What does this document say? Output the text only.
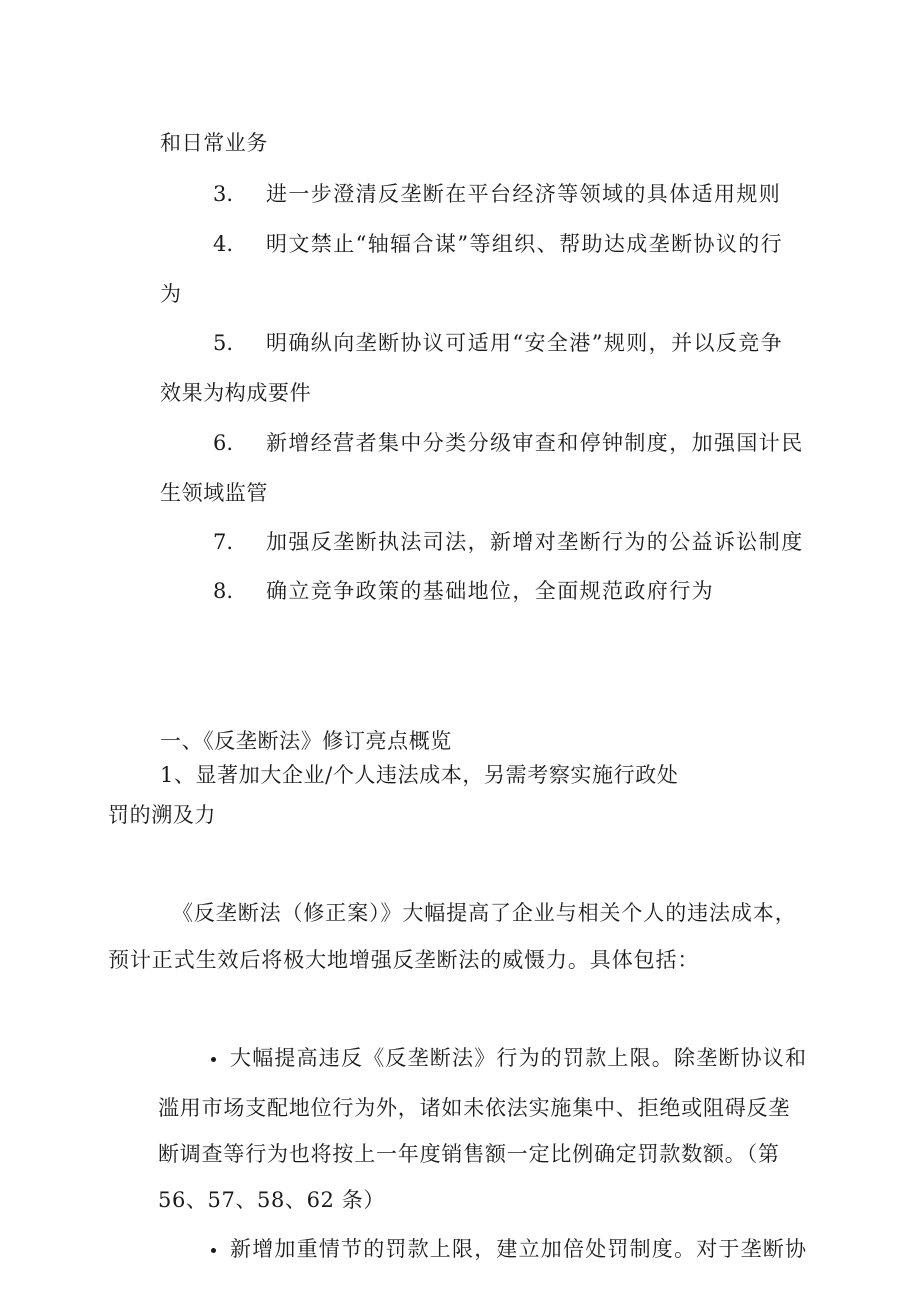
和日常业务
3. 进一步澄清反垄断在平台经济等领域的具体适用规则
4. 明文禁止“轴辐合谋”等组织、帮助达成垄断协议的行
为
5. 明确纵向垄断协议可适用“安全港”规则，并以反竞争
效果为构成要件
6. 新增经营者集中分类分级审查和停钟制度，加强国计民
生领域监管
7. 加强反垄断执法司法，新增对垄断行为的公益诉讼制度
8. 确立竞争政策的基础地位，全面规范政府行为
一、《反垄断法》修订亮点概览
1、显著加大企业/个人违法成本，另需考察实施行政处
罚的溯及力
《反垄断法（修正案）》大幅提高了企业与相关个人的违法成本，
预计正式生效后将极大地增强反垄断法的威慑力。具体包括：
大幅提高违反《反垄断法》行为的罚款上限。除垄断协议和
滥用市场支配地位行为外，诸如未依法实施集中、拒绝或阻碍反垄
断调查等行为也将按上一年度销售额一定比例确定罚款数额。（第
56、57、58、62 条）
新增加重情节的罚款上限，建立加倍处罚制度。对于垄断协
